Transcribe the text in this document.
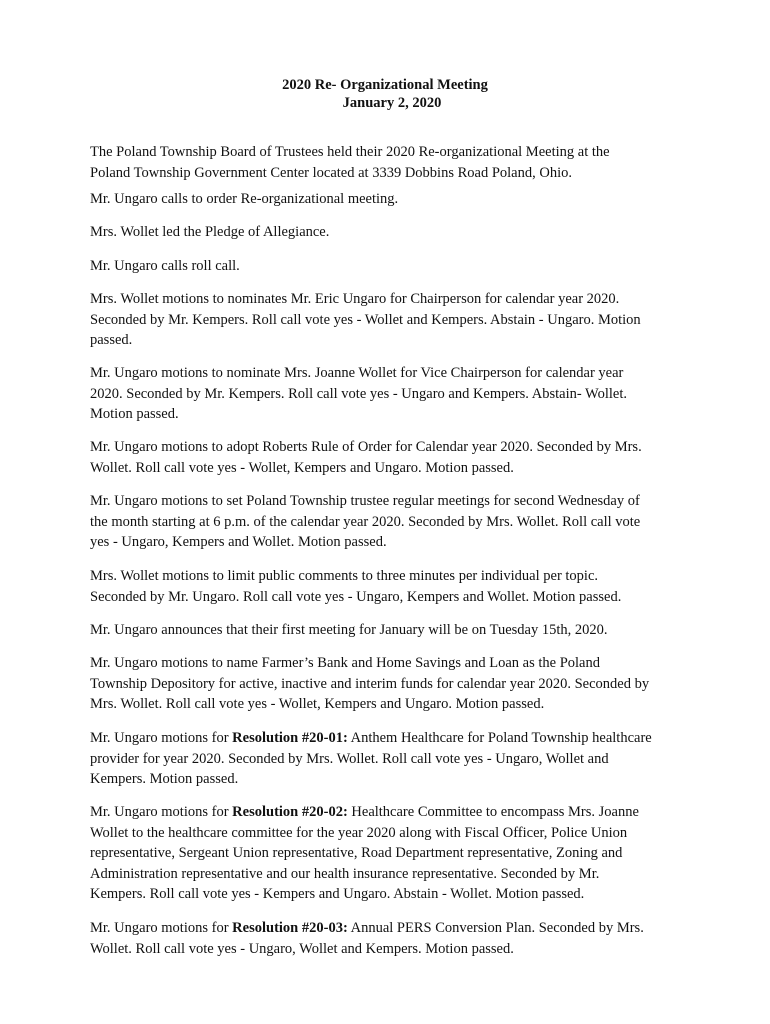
2020 Re- Organizational Meeting
January 2, 2020

The Poland Township Board of Trustees held their 2020 Re-organizational Meeting at the
Poland Township Government Center located at 3339 Dobbins Road Poland, Ohio.

Mr. Ungaro calls to order Re-organizational meeting.

Mrs. Wollet led the Pledge of Allegiance.

Mr. Ungaro calls roll call.

Mrs. Wollet motions to nominates Mr. Eric Ungaro for Chairperson for calendar year 2020.
Seconded by Mr. Kempers. Roll call vote yes - Wollet and Kempers. Abstain - Ungaro. Motion
passed.

Mr. Ungaro motions to nominate Mrs. Joanne Wollet for Vice Chairperson for calendar year
2020. Seconded by Mr. Kempers. Roll call vote yes - Ungaro and Kempers. Abstain- Wollet.
Motion passed.

Mr. Ungaro motions to adopt Roberts Rule of Order for Calendar year 2020. Seconded by Mrs.
Wollet. Roll call vote yes - Wollet, Kempers and Ungaro. Motion passed.

Mr. Ungaro motions to set Poland Township trustee regular meetings for second Wednesday of
the month starting at 6 p.m. of the calendar year 2020. Seconded by Mrs. Wollet. Roll call vote
yes - Ungaro, Kempers and Wollet. Motion passed.

Mrs. Wollet motions to limit public comments to three minutes per individual per topic.
Seconded by Mr. Ungaro. Roll call vote yes - Ungaro, Kempers and Wollet. Motion passed.

Mr. Ungaro announces that their first meeting for January will be on Tuesday 15th, 2020.

Mr. Ungaro motions to name Farmer’s Bank and Home Savings and Loan as the Poland
Township Depository for active, inactive and interim funds for calendar year 2020. Seconded by
Mrs. Wollet. Roll call vote yes - Wollet, Kempers and Ungaro. Motion passed.

Mr. Ungaro motions for Resolution #20-01: Anthem Healthcare for Poland Township healthcare
provider for year 2020. Seconded by Mrs. Wollet. Roll call vote yes - Ungaro, Wollet and
Kempers. Motion passed.

Mr. Ungaro motions for Resolution #20-02: Healthcare Committee to encompass Mrs. Joanne
Wollet to the healthcare committee for the year 2020 along with Fiscal Officer, Police Union
representative, Sergeant Union representative, Road Department representative, Zoning and
Administration representative and our health insurance representative. Seconded by Mr.
Kempers. Roll call vote yes - Kempers and Ungaro. Abstain - Wollet. Motion passed.

Mr. Ungaro motions for Resolution #20-03: Annual PERS Conversion Plan. Seconded by Mrs.
Wollet. Roll call vote yes - Ungaro, Wollet and Kempers. Motion passed.
